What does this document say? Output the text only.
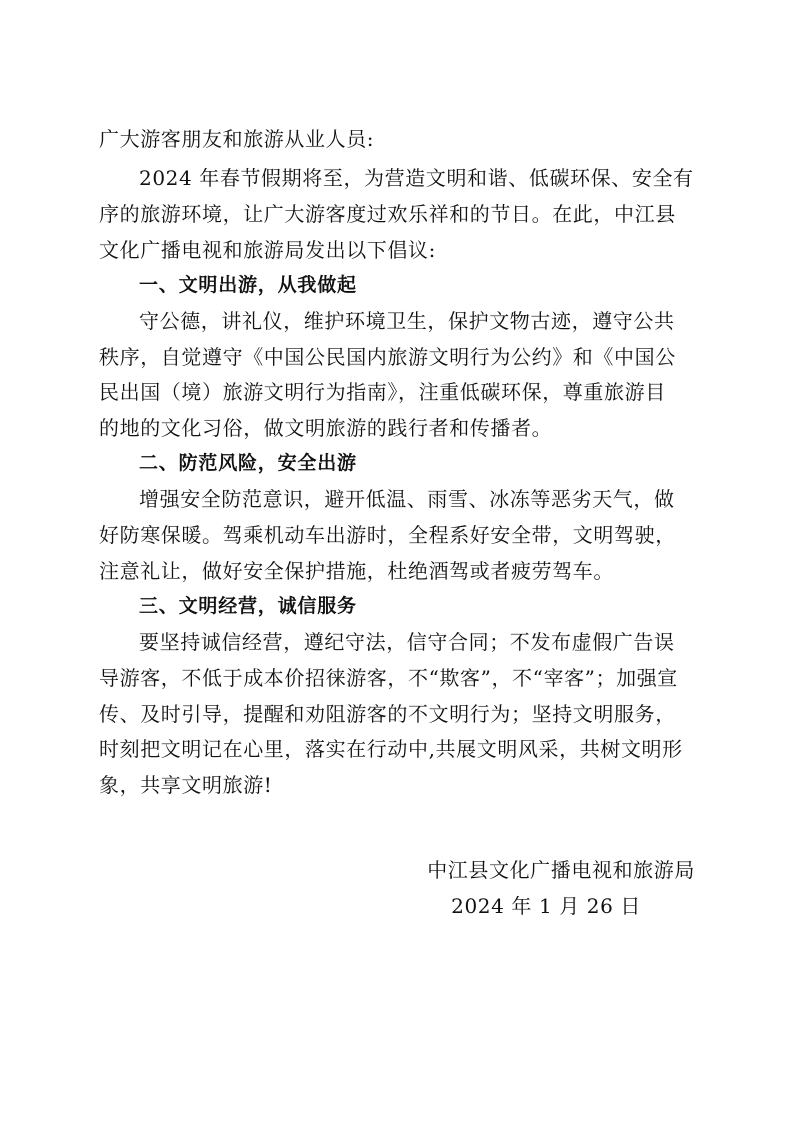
广大游客朋友和旅游从业人员:
2024 年春节假期将至，为营造文明和谐、低碳环保、安全有
序的旅游环境，让广大游客度过欢乐祥和的节日。在此，中江县
文化广播电视和旅游局发出以下倡议:
一、文明出游，从我做起
守公德，讲礼仪，维护环境卫生，保护文物古迹，遵守公共
秩序，自觉遵守《中国公民国内旅游文明行为公约》和《中国公
民出国（境）旅游文明行为指南》，注重低碳环保，尊重旅游目
的地的文化习俗，做文明旅游的践行者和传播者。
二、防范风险，安全出游
增强安全防范意识，避开低温、雨雪、冰冻等恶劣天气，做
好防寒保暖。驾乘机动车出游时，全程系好安全带，文明驾驶，
注意礼让，做好安全保护措施，杜绝酒驾或者疲劳驾车。
三、文明经营，诚信服务
要坚持诚信经营，遵纪守法，信守合同；不发布虚假广告误
导游客，不低于成本价招徕游客，不“欺客”，不“宰客”；加强宣
传、及时引导，提醒和劝阻游客的不文明行为；坚持文明服务，
时刻把文明记在心里，落实在行动中,共展文明风采，共树文明形
象，共享文明旅游!
中江县文化广播电视和旅游局
2024 年 1 月 26 日
